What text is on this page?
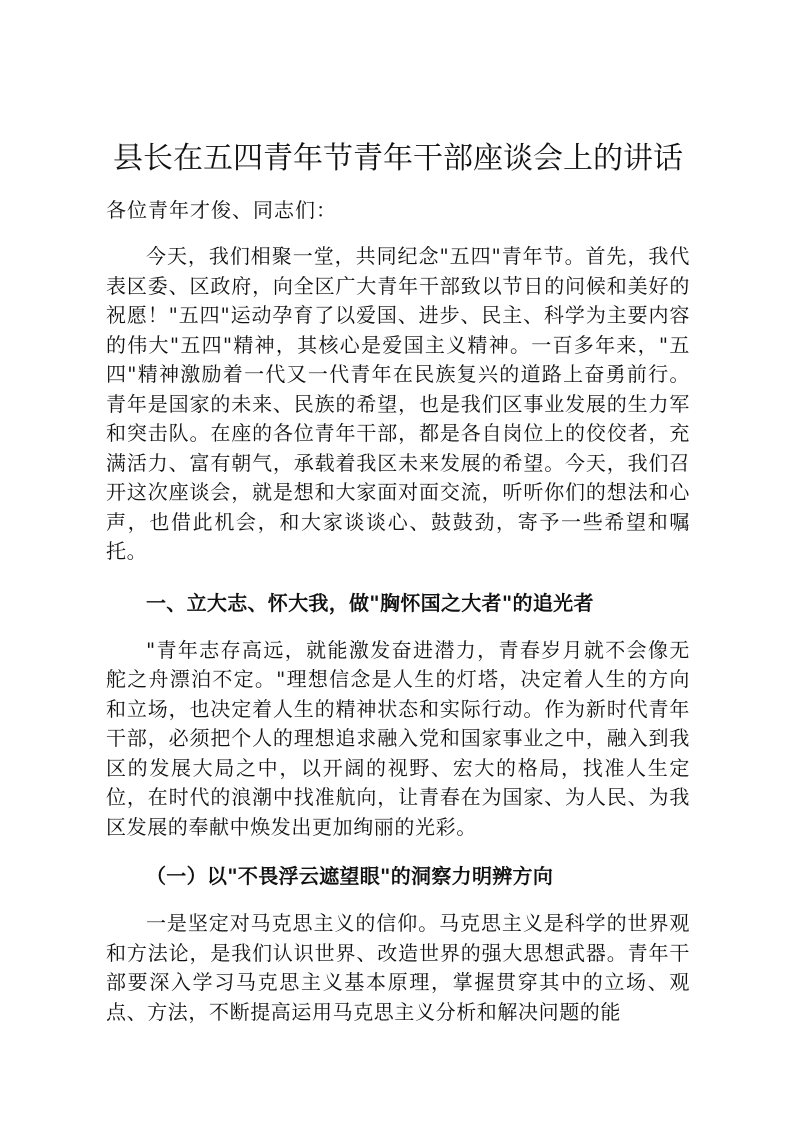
县长在五四青年节青年干部座谈会上的讲话

各位青年才俊、同志们：

今天，我们相聚一堂，共同纪念"五四"青年节。首先，我代表区委、区政府，向全区广大青年干部致以节日的问候和美好的祝愿！"五四"运动孕育了以爱国、进步、民主、科学为主要内容的伟大"五四"精神，其核心是爱国主义精神。一百多年来，"五四"精神激励着一代又一代青年在民族复兴的道路上奋勇前行。青年是国家的未来、民族的希望，也是我们区事业发展的生力军和突击队。在座的各位青年干部，都是各自岗位上的佼佼者，充满活力、富有朝气，承载着我区未来发展的希望。今天，我们召开这次座谈会，就是想和大家面对面交流，听听你们的想法和心声，也借此机会，和大家谈谈心、鼓鼓劲，寄予一些希望和嘱托。

一、立大志、怀大我，做"胸怀国之大者"的追光者

"青年志存高远，就能激发奋进潜力，青春岁月就不会像无舵之舟漂泊不定。"理想信念是人生的灯塔，决定着人生的方向和立场，也决定着人生的精神状态和实际行动。作为新时代青年干部，必须把个人的理想追求融入党和国家事业之中，融入到我区的发展大局之中，以开阔的视野、宏大的格局，找准人生定位，在时代的浪潮中找准航向，让青春在为国家、为人民、为我区发展的奉献中焕发出更加绚丽的光彩。

（一）以"不畏浮云遮望眼"的洞察力明辨方向

一是坚定对马克思主义的信仰。马克思主义是科学的世界观和方法论，是我们认识世界、改造世界的强大思想武器。青年干部要深入学习马克思主义基本原理，掌握贯穿其中的立场、观点、方法，不断提高运用马克思主义分析和解决问题的能
